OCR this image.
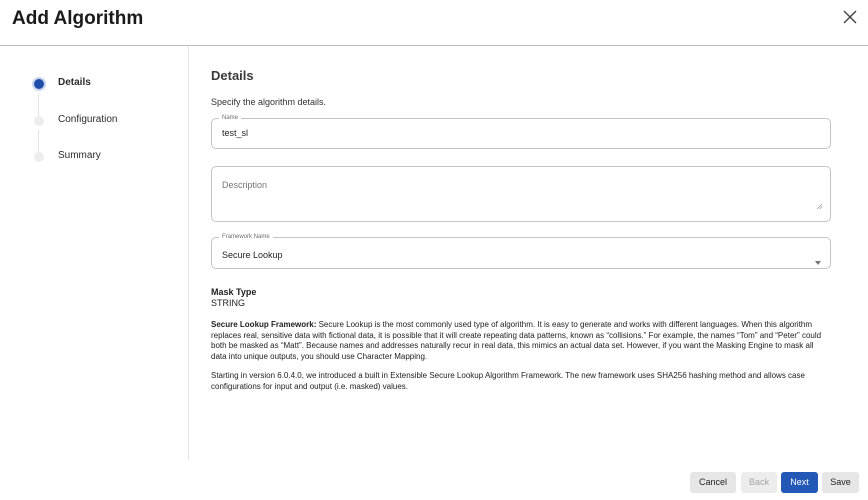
Add Algorithm
Details
Configuration
Summary
Details
Specify the algorithm details.
Name
test_sl
Description
Framework Name
Secure Lookup
Mask Type
STRING
Secure Lookup Framework: Secure Lookup is the most commonly used type of algorithm. It is easy to generate and works with different languages. When this algorithm replaces real, sensitive data with fictional data, it is possible that it will create repeating data patterns, known as “collisions.” For example, the names “Tom” and “Peter” could both be masked as “Matt”. Because names and addresses naturally recur in real data, this mimics an actual data set. However, if you want the Masking Engine to mask all data into unique outputs, you should use Character Mapping.
Starting in version 6.0.4.0, we introduced a built in Extensible Secure Lookup Algorithm Framework. The new framework uses SHA256 hashing method and allows case configurations for input and output (i.e. masked) values.
Cancel	Back	Next	Save
